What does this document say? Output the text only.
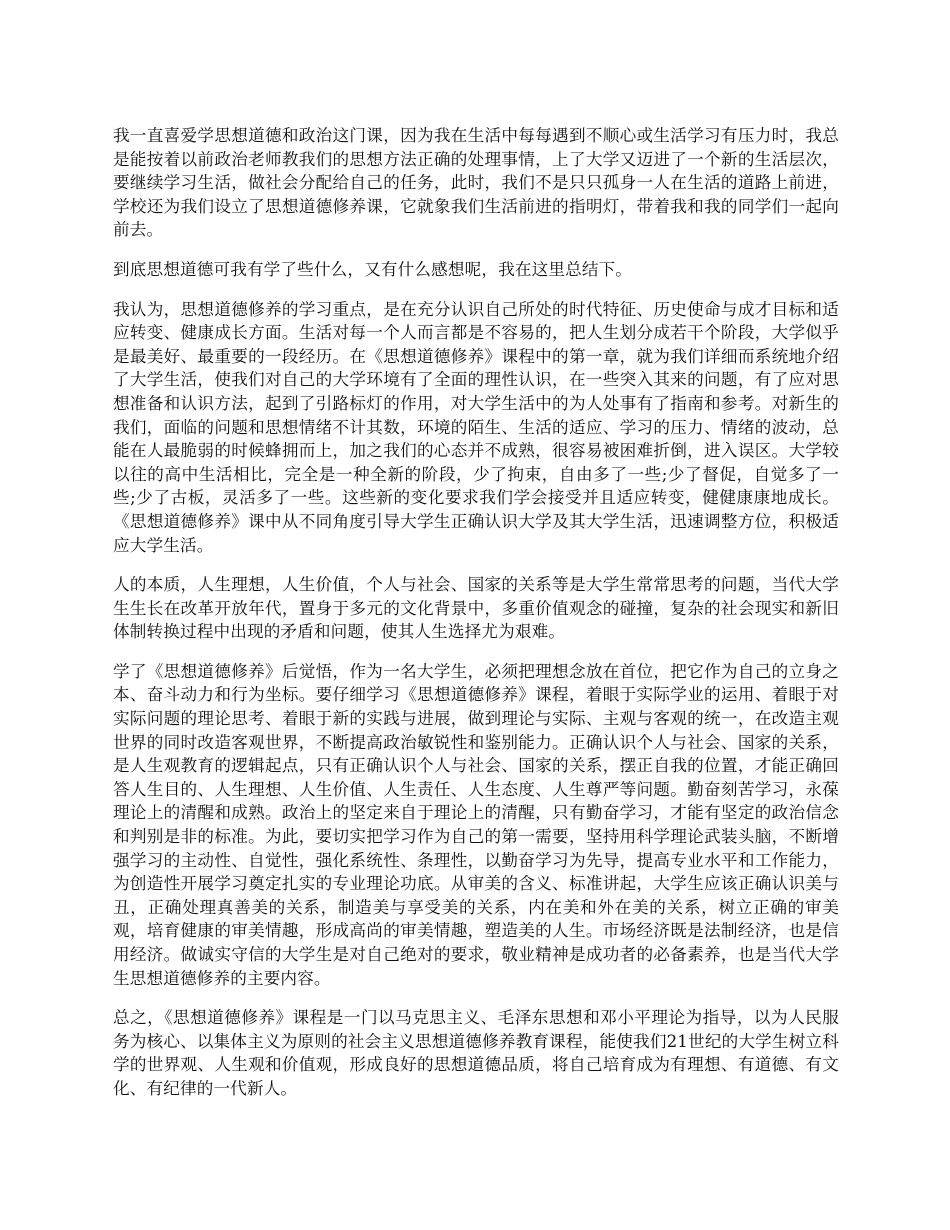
我一直喜爱学思想道德和政治这门课，因为我在生活中每每遇到不顺心或生活学习有压力时，我总是能按着以前政治老师教我们的思想方法正确的处理事情，上了大学又迈进了一个新的生活层次，要继续学习生活，做社会分配给自己的任务，此时，我们不是只只孤身一人在生活的道路上前进，学校还为我们设立了思想道德修养课，它就象我们生活前进的指明灯，带着我和我的同学们一起向前去。

到底思想道德可我有学了些什么，又有什么感想呢，我在这里总结下。

我认为，思想道德修养的学习重点，是在充分认识自己所处的时代特征、历史使命与成才目标和适应转变、健康成长方面。生活对每一个人而言都是不容易的，把人生划分成若干个阶段，大学似乎是最美好、最重要的一段经历。在《思想道德修养》课程中的第一章，就为我们详细而系统地介绍了大学生活，使我们对自己的大学环境有了全面的理性认识，在一些突入其来的问题，有了应对思想准备和认识方法，起到了引路标灯的作用，对大学生活中的为人处事有了指南和参考。对新生的我们，面临的问题和思想情绪不计其数，环境的陌生、生活的适应、学习的压力、情绪的波动，总能在人最脆弱的时候蜂拥而上，加之我们的心态并不成熟，很容易被困难折倒，进入误区。大学较以往的高中生活相比，完全是一种全新的阶段，少了拘束，自由多了一些;少了督促，自觉多了一些;少了古板，灵活多了一些。这些新的变化要求我们学会接受并且适应转变，健健康康地成长。《思想道德修养》课中从不同角度引导大学生正确认识大学及其大学生活，迅速调整方位，积极适应大学生活。

人的本质，人生理想，人生价值，个人与社会、国家的关系等是大学生常常思考的问题，当代大学生生长在改革开放年代，置身于多元的文化背景中，多重价值观念的碰撞，复杂的社会现实和新旧体制转换过程中出现的矛盾和问题，使其人生选择尤为艰难。

学了《思想道德修养》后觉悟，作为一名大学生，必须把理想念放在首位，把它作为自己的立身之本、奋斗动力和行为坐标。要仔细学习《思想道德修养》课程，着眼于实际学业的运用、着眼于对实际问题的理论思考、着眼于新的实践与进展，做到理论与实际、主观与客观的统一，在改造主观世界的同时改造客观世界，不断提高政治敏锐性和鉴别能力。正确认识个人与社会、国家的关系，是人生观教育的逻辑起点，只有正确认识个人与社会、国家的关系，摆正自我的位置，才能正确回答人生目的、人生理想、人生价值、人生责任、人生态度、人生尊严等问题。勤奋刻苦学习，永葆理论上的清醒和成熟。政治上的坚定来自于理论上的清醒，只有勤奋学习，才能有坚定的政治信念和判别是非的标准。为此，要切实把学习作为自己的第一需要，坚持用科学理论武装头脑，不断增强学习的主动性、自觉性，强化系统性、条理性，以勤奋学习为先导，提高专业水平和工作能力，为创造性开展学习奠定扎实的专业理论功底。从审美的含义、标准讲起，大学生应该正确认识美与丑，正确处理真善美的关系，制造美与享受美的关系，内在美和外在美的关系，树立正确的审美观，培育健康的审美情趣，形成高尚的审美情趣，塑造美的人生。市场经济既是法制经济，也是信用经济。做诚实守信的大学生是对自己绝对的要求，敬业精神是成功者的必备素养，也是当代大学生思想道德修养的主要内容。

总之，《思想道德修养》课程是一门以马克思主义、毛泽东思想和邓小平理论为指导，以为人民服务为核心、以集体主义为原则的社会主义思想道德修养教育课程，能使我们21世纪的大学生树立科学的世界观、人生观和价值观，形成良好的思想道德品质，将自己培育成为有理想、有道德、有文化、有纪律的一代新人。
